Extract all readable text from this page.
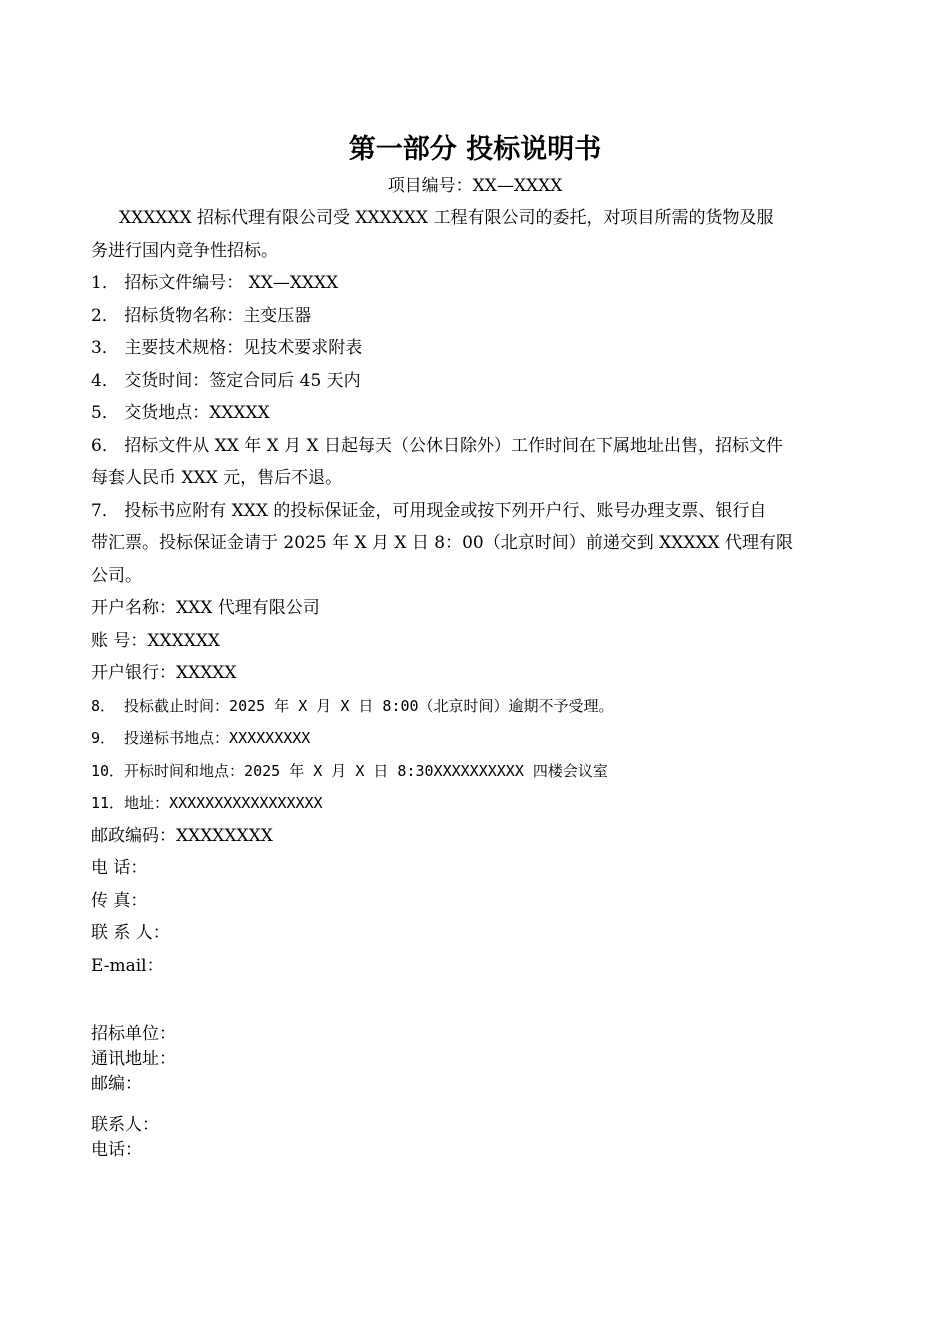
第一部分 投标说明书
项目编号：XX—XXXX
XXXXXX 招标代理有限公司受 XXXXXX 工程有限公司的委托，对项目所需的货物及服
务进行国内竞争性招标。
1． 招标文件编号： XX—XXXX
2． 招标货物名称：主变压器
3． 主要技术规格：见技术要求附表
4． 交货时间：签定合同后 45 天内
5． 交货地点：XXXXX
6． 招标文件从 XX 年 X 月 X 日起每天（公休日除外）工作时间在下属地址出售，招标文件
每套人民币 XXX 元，售后不退。
7． 投标书应附有 XXX 的投标保证金，可用现金或按下列开户行、账号办理支票、银行自
带汇票。投标保证金请于 2025 年 X 月 X 日 8：00（北京时间）前递交到 XXXXX 代理有限
公司。
开户名称：XXX 代理有限公司
账 号：XXXXXX
开户银行：XXXXX
8． 投标截止时间：2025 年 X 月 X 日 8:00（北京时间）逾期不予受理。
9． 投递标书地点：XXXXXXXXX
10．开标时间和地点：2025 年 X 月 X 日 8:30XXXXXXXXXX 四楼会议室
11．地址：XXXXXXXXXXXXXXXXX
邮政编码：XXXXXXXX
电 话：
传 真：
联 系 人：
E-mail：
招标单位：
通讯地址：
邮编：
联系人：
电话：
